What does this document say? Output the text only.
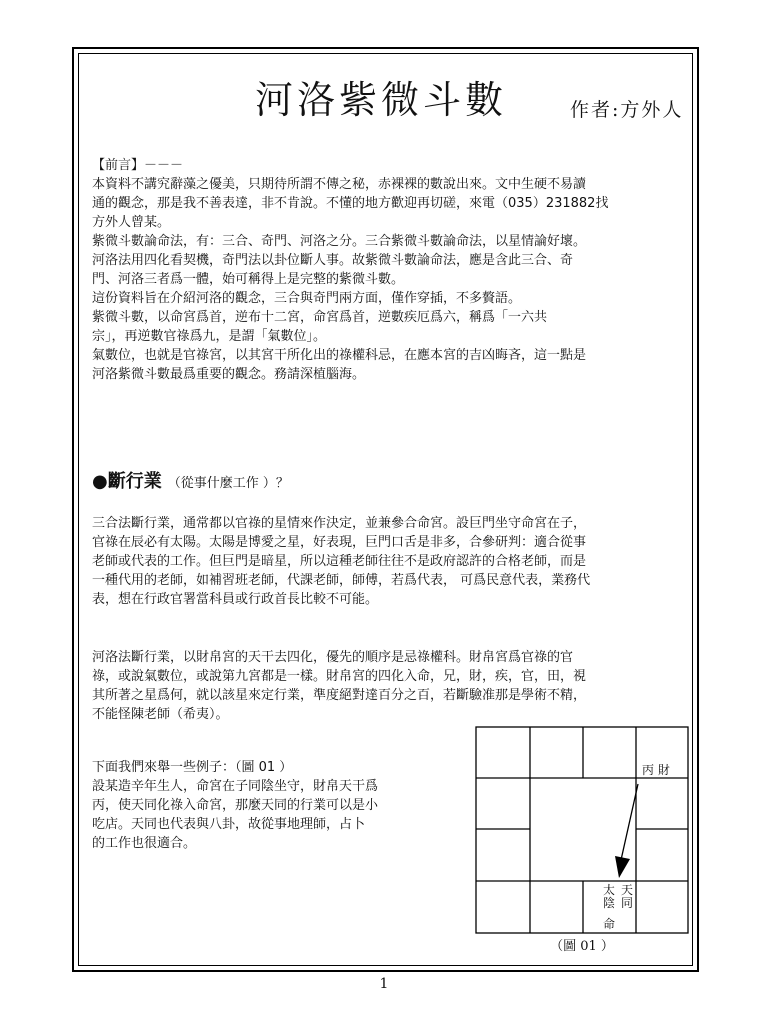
河洛紫微斗數	作者:方外人

【前言】－－－

本資料不講究辭藻之優美，只期待所謂不傳之秘，赤裸裸的數說出來。文中生硬不易讀

通的觀念，那是我不善表達，非不肯說。不懂的地方歡迎再切磋，來電（035）231882找

方外人曾某。

紫微斗數論命法，有：三合、奇門、河洛之分。三合紫微斗數論命法，以星情論好壞。

河洛法用四化看契機，奇門法以卦位斷人事。故紫微斗數論命法，應是含此三合、奇

門、河洛三者爲一體，始可稱得上是完整的紫微斗數。

這份資料旨在介紹河洛的觀念，三合與奇門兩方面，僅作穿插，不多贅語。

紫微斗數，以命宮爲首，逆布十二宮，命宮爲首，逆數疾厄爲六，稱爲「一六共

宗」，再逆數官祿爲九，是謂「氣數位」。

氣數位，也就是官祿宮，以其宮干所化出的祿權科忌，在應本宮的吉凶晦吝，這一點是

河洛紫微斗數最爲重要的觀念。務請深植腦海。

●斷行業 （從事什麼工作 ）？

三合法斷行業，通常都以官祿的星情來作決定，並兼參合命宮。設巨門坐守命宮在子，

官祿在辰必有太陽。太陽是博愛之星，好表現，巨門口舌是非多，合參研判：適合從事

老師或代表的工作。但巨門是暗星，所以這種老師往往不是政府認許的合格老師，而是

一種代用的老師，如補習班老師，代課老師，師傅，若爲代表， 可爲民意代表，業務代

表，想在行政官署當科員或行政首長比較不可能。

河洛法斷行業，以財帛宮的天干去四化，優先的順序是忌祿權科。財帛宮爲官祿的官

祿，或說氣數位，或說第九宮都是一樣。財帛宮的四化入命，兄，財，疾，官，田，視

其所著之星爲何，就以該星來定行業，準度絕對達百分之百，若斷驗准那是學術不精，

不能怪陳老師（希夷）。

下面我們來舉一些例子：（圖 01 ）

設某造辛年生人，命宮在子同陰坐守，財帛天干爲

丙，使天同化祿入命宮，那麼天同的行業可以是小

吃店。天同也代表與八卦，故從事地理師，占卜

的工作也很適合。

丙 財
太
陰
天
同
命
（圖 01 ）
1
